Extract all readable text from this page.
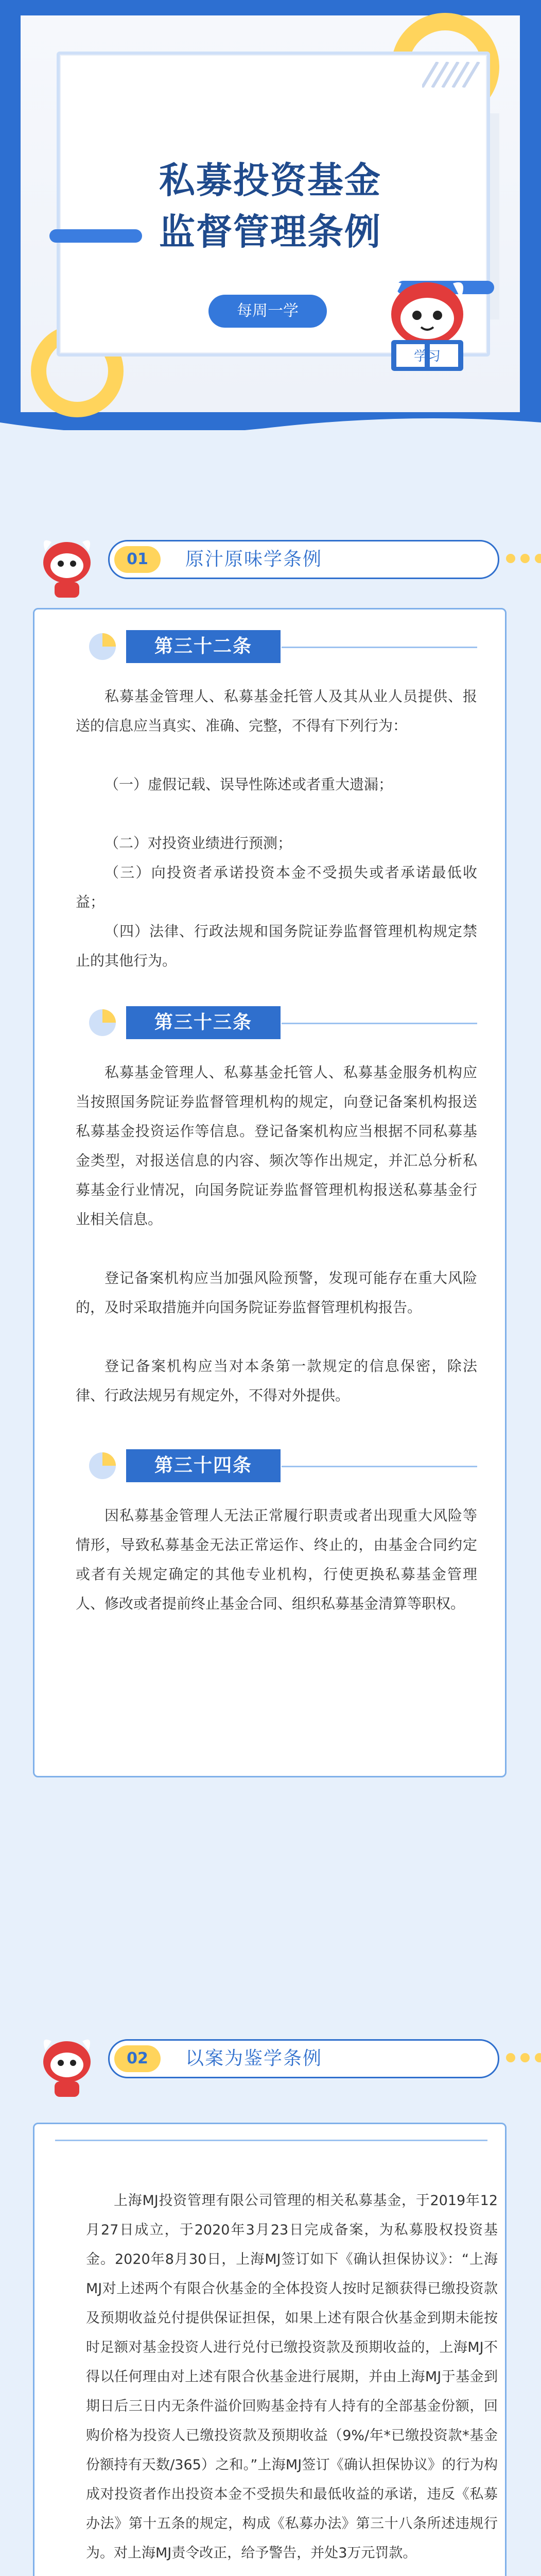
私募投资基金
监督管理条例
每周一学
学习
01	原汁原味学条例
第三十二条

私募基金管理人、私募基金托管人及其从业人员提供、报送的信息应当真实、准确、完整，不得有下列行为：

（一）虚假记载、误导性陈述或者重大遗漏；

（二）对投资业绩进行预测；

（三）向投资者承诺投资本金不受损失或者承诺最低收益；

（四）法律、行政法规和国务院证券监督管理机构规定禁止的其他行为。

第三十三条

私募基金管理人、私募基金托管人、私募基金服务机构应当按照国务院证券监督管理机构的规定，向登记备案机构报送私募基金投资运作等信息。登记备案机构应当根据不同私募基金类型，对报送信息的内容、频次等作出规定，并汇总分析私募基金行业情况，向国务院证券监督管理机构报送私募基金行业相关信息。

登记备案机构应当加强风险预警，发现可能存在重大风险的，及时采取措施并向国务院证券监督管理机构报告。

登记备案机构应当对本条第一款规定的信息保密，除法律、行政法规另有规定外，不得对外提供。

第三十四条

因私募基金管理人无法正常履行职责或者出现重大风险等情形，导致私募基金无法正常运作、终止的，由基金合同约定或者有关规定确定的其他专业机构，行使更换私募基金管理人、修改或者提前终止基金合同、组织私募基金清算等职权。

02	以案为鉴学条例

上海MJ投资管理有限公司管理的相关私募基金，于2019年12月27日成立，于2020年3月23日完成备案，为私募股权投资基金。2020年8月30日，上海MJ签订如下《确认担保协议》：“上海MJ对上述两个有限合伙基金的全体投资人按时足额获得已缴投资款及预期收益兑付提供保证担保，如果上述有限合伙基金到期未能按时足额对基金投资人进行兑付已缴投资款及预期收益的，上海MJ不得以任何理由对上述有限合伙基金进行展期，并由上海MJ于基金到期日后三日内无条件溢价回购基金持有人持有的全部基金份额，回购价格为投资人已缴投资款及预期收益（9%/年*已缴投资款*基金份额持有天数/365）之和。”上海MJ签订《确认担保协议》的行为构成对投资者作出投资本金不受损失和最低收益的承诺，违反《私募办法》第十五条的规定，构成《私募办法》第三十八条所述违规行为。对上海MJ责令改正，给予警告，并处3万元罚款。
